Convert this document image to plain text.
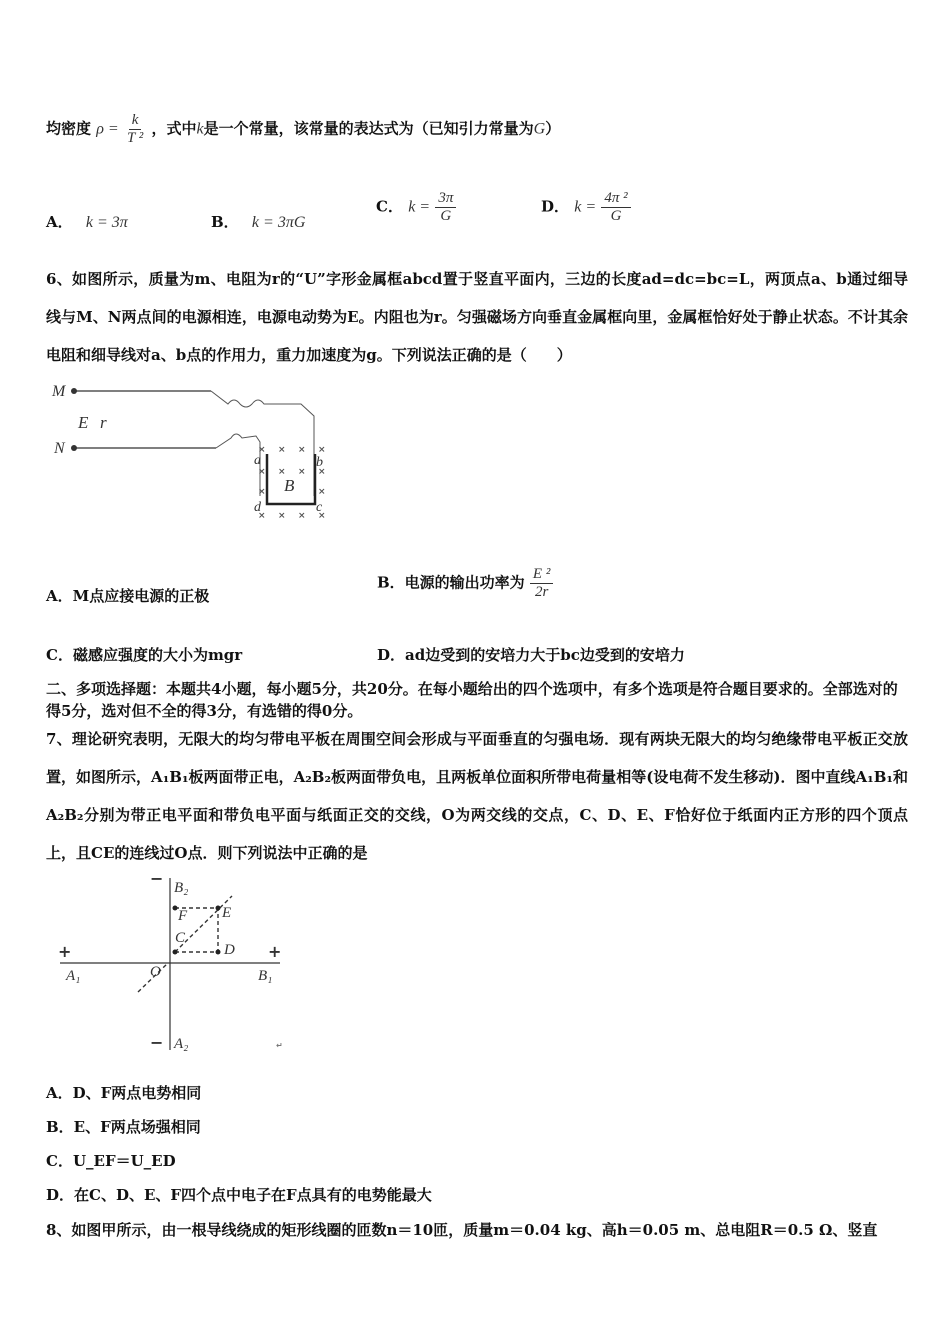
均密度 $\rho = \frac{k}{\text{T ²}}$ ，式中k是一个常量，该常量的表达式为（已知引力常量为G）
A． k = 3π	B． k = 3πG
C． $k = \frac{3\pi}{G}$	D． $k = \frac{\text{4π ²}}{G}$
6、如图所示，质量为m、电阻为r的“U”字形金属框abcd置于竖直平面内，三边的长度ad=dc=bc=L，两顶点a、b通过细导线与M、N两点间的电源相连，电源电动势为E。内阻也为r。匀强磁场方向垂直金属框向里，金属框恰好处于静止状态。不计其余电阻和细导线对a、b点的作用力，重力加速度为g。下列说法正确的是（　　）
× × × ×
× × × ×
×	×
× × × ×
M
N
E r
a	b
d	c
B
A．M点应接电源的正极
B．电源的输出功率为 $\frac{\text{E ²}}{2r}$
C．磁感应强度的大小为mgr	D．ad边受到的安培力大于bc边受到的安培力
二、多项选择题：本题共4小题，每小题5分，共20分。在每小题给出的四个选项中，有多个选项是符合题目要求的。全部选对的得5分，选对但不全的得3分，有选错的得0分。
7、理论研究表明，无限大的均匀带电平板在周围空间会形成与平面垂直的匀强电场．现有两块无限大的均匀绝缘带电平板正交放置，如图所示，A₁B₁板两面带正电，A₂B₂板两面带负电，且两板单位面积所带电荷量相等(设电荷不发生移动)．图中直线A₁B₁和A₂B₂分别为带正电平面和带负电平面与纸面正交的交线，O为两交线的交点，C、D、E、F恰好位于纸面内正方形的四个顶点上，且CE的连线过O点．则下列说法中正确的是
E
F
C
D
O
B₂
A₂
A₁	B₁
+	+
−
−	↵
A．D、F两点电势相同
B．E、F两点场强相同
C．U_EF＝U_ED
D．在C、D、E、F四个点中电子在F点具有的电势能最大
8、如图甲所示，由一根导线绕成的矩形线圈的匝数n＝10匝，质量m＝0.04 kg、高h＝0.05 m、总电阻R＝0.5 Ω、竖直
